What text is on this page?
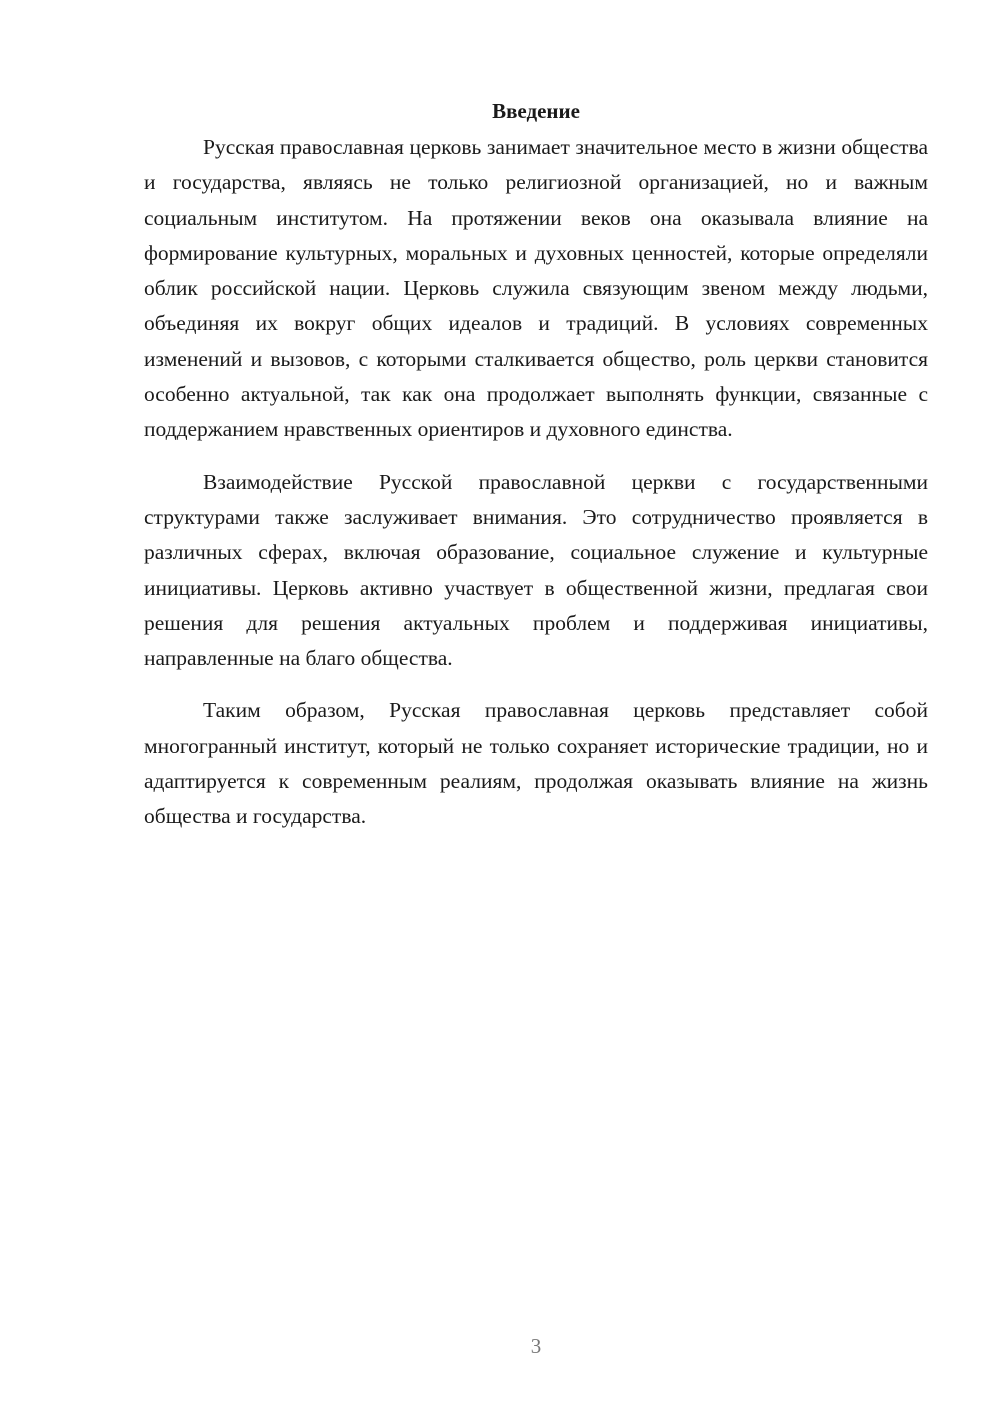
Введение

Русская православная церковь занимает значительное место в жизни общества и государства, являясь не только религиозной организацией, но и важным социальным институтом. На протяжении веков она оказывала влияние на формирование культурных, моральных и духовных ценностей, которые определяли облик российской нации. Церковь служила связующим звеном между людьми, объединяя их вокруг общих идеалов и традиций. В условиях современных изменений и вызовов, с которыми сталкивается общество, роль церкви становится особенно актуальной, так как она продолжает выполнять функции, связанные с поддержанием нравственных ориентиров и духовного единства.

Взаимодействие Русской православной церкви с государственными структурами также заслуживает внимания. Это сотрудничество проявляется в различных сферах, включая образование, социальное служение и культурные инициативы. Церковь активно участвует в общественной жизни, предлагая свои решения для решения актуальных проблем и поддерживая инициативы, направленные на благо общества.

Таким образом, Русская православная церковь представляет собой многогранный институт, который не только сохраняет исторические традиции, но и адаптируется к современным реалиям, продолжая оказывать влияние на жизнь общества и государства.

3
